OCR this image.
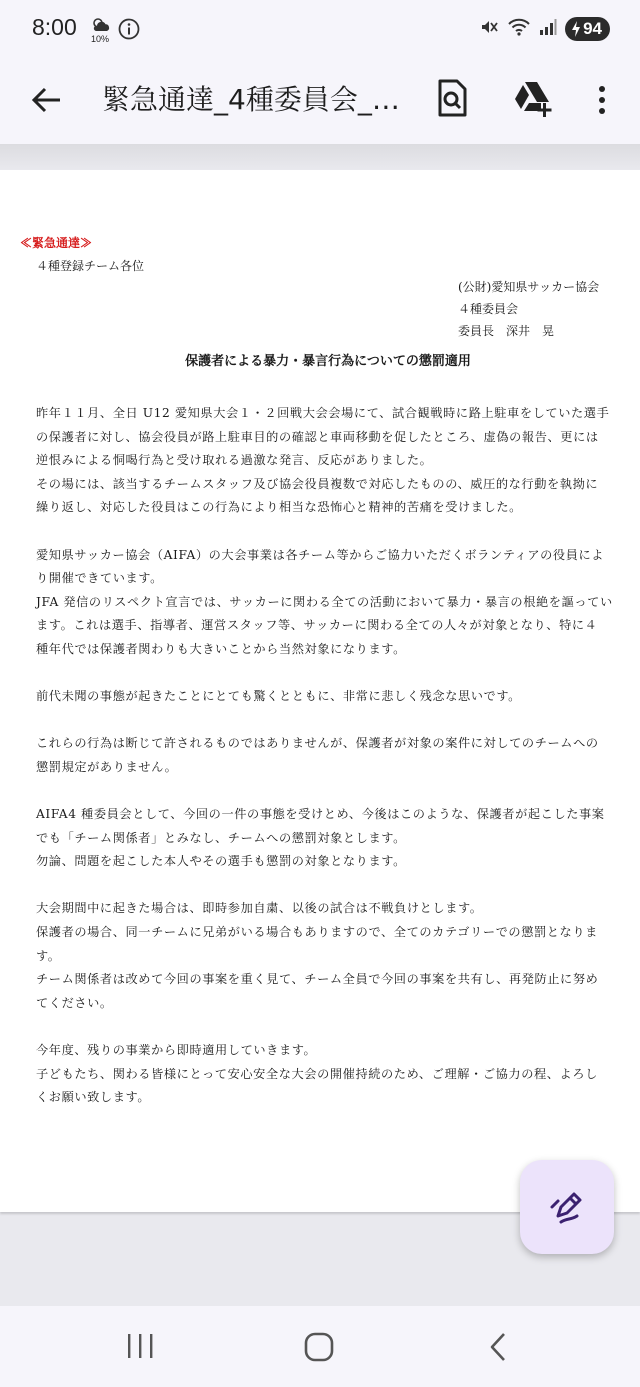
8:00 10%
94
緊急通達_4種委員会_…
≪緊急通達≫
４種登録チーム各位
(公財)愛知県サッカー協会
４種委員会
委員長　深井　晃
保護者による暴力・暴言行為についての懲罰適用

昨年１１月、全日 U12 愛知県大会１・２回戦大会会場にて、試合観戦時に路上駐車をしていた選手
の保護者に対し、協会役員が路上駐車目的の確認と車両移動を促したところ、虚偽の報告、更には
逆恨みによる恫喝行為と受け取れる過激な発言、反応がありました。
その場には、該当するチームスタッフ及び協会役員複数で対応したものの、威圧的な行動を執拗に
繰り返し、対応した役員はこの行為により相当な恐怖心と精神的苦痛を受けました。

愛知県サッカー協会（AIFA）の大会事業は各チーム等からご協力いただくボランティアの役員によ
り開催できています。
JFA 発信のリスペクト宣言では、サッカーに関わる全ての活動において暴力・暴言の根絶を謳ってい
ます。これは選手、指導者、運営スタッフ等、サッカーに関わる全ての人々が対象となり、特に４
種年代では保護者関わりも大きいことから当然対象になります。

前代未聞の事態が起きたことにとても驚くとともに、非常に悲しく残念な思いです。

これらの行為は断じて許されるものではありませんが、保護者が対象の案件に対してのチームへの
懲罰規定がありません。

AIFA4 種委員会として、今回の一件の事態を受けとめ、今後はこのような、保護者が起こした事案
でも「チーム関係者」とみなし、チームへの懲罰対象とします。
勿論、問題を起こした本人やその選手も懲罰の対象となります。

大会期間中に起きた場合は、即時参加自粛、以後の試合は不戦負けとします。
保護者の場合、同一チームに兄弟がいる場合もありますので、全てのカテゴリーでの懲罰となりま
す。
チーム関係者は改めて今回の事案を重く見て、チーム全員で今回の事案を共有し、再発防止に努め
てください。

今年度、残りの事業から即時適用していきます。
子どもたち、関わる皆様にとって安心安全な大会の開催持続のため、ご理解・ご協力の程、よろし
くお願い致します。
